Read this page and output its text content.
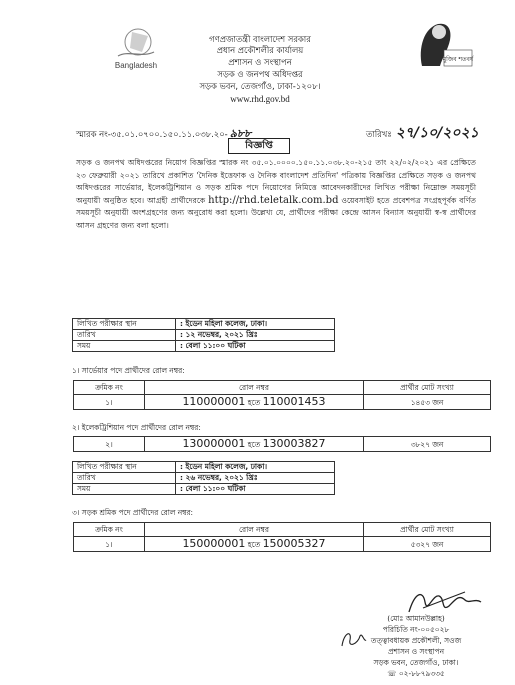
Bangladesh
গণপ্রজাতন্ত্রী বাংলাদেশ সরকার
প্রধান প্রকৌশলীর কার্যালয়
প্রশাসন ও সংস্থাপন
সড়ক ও জনপথ অধিদপ্তর
সড়ক ভবন, তেজগাঁও, ঢাকা-১২০৮।
www.rhd.gov.bd
মুজিব শতবর্ষ
স্মারক নং-৩৫.০১.০৭০০.১৫০.১১.০৩৮.২০- ৯৮৮	তারিখঃ ২৭/১০/২০২১
বিজ্ঞপ্তি
সড়ক ও জনপথ অধিদপ্তরের নিয়োগ বিজ্ঞপ্তির স্মারক নং ৩৫.০১.০০০০.১৫০.১১.০৩৮.২০-২১৫ তাং ২২/০২/২০২১ এর প্রেক্ষিতে ২৩ ফেব্রুয়ারী ২০২১ তারিখে প্রকাশিত 'দৈনিক ইত্তেফাক ও দৈনিক বাংলাদেশ প্রতিদিন' পত্রিকায় বিজ্ঞপ্তির প্রেক্ষিতে সড়ক ও জনপথ অধিদপ্তরের সার্ভেয়ার, ইলেকট্রিশিয়ান ও সড়ক শ্রমিক পদে নিয়োগের নিমিত্তে আবেদনকারীদের লিখিত পরীক্ষা নিম্নোক্ত সময়সূচী অনুযায়ী অনুষ্ঠিত হবে। আগ্রহী প্রার্থীদেরকে http://rhd.teletalk.com.bd ওয়েবসাইট হতে প্রবেশপত্র সংগ্রহপূর্বক বর্ণিত সময়সূচী অনুযায়ী অংশগ্রহণের জন্য অনুরোধ করা হলো। উল্লেখ্য যে, প্রার্থীদের পরীক্ষা কেন্দ্রে আসন বিন্যাস অনুযায়ী স্ব-স্ব প্রার্থীদের আসন গ্রহণের জন্য বলা হলো।
লিখিত পরীক্ষার স্থান	: ইডেন মহিলা কলেজ, ঢাকা।
তারিখ	: ১২ নভেম্বর, ২০২১ খ্রিঃ
সময়	: বেলা ১১:০০ ঘটিকা
১। সার্ভেয়ার পদে প্রার্থীদের রোল নম্বর:
ক্রমিক নং	রোল নম্বর	প্রার্থীর মোট সংখ্যা
১।	110000001 হতে 110001453	১৪৫৩ জন
২। ইলেকট্রিশিয়ান পদে প্রার্থীদের রোল নম্বর:
২।	130000001 হতে 130003827	৩৮২৭ জন
লিখিত পরীক্ষার স্থান	: ইডেন মহিলা কলেজ, ঢাকা।
তারিখ	: ২৬ নভেম্বর, ২০২১ খ্রিঃ
সময়	: বেলা ১১:০০ ঘটিকা
৩। সড়ক শ্রমিক পদে প্রার্থীদের রোল নম্বর:
ক্রমিক নং	রোল নম্বর	প্রার্থীর মোট সংখ্যা
১।	150000001 হতে 150005327	৫৩২৭ জন
(মোঃ আমানউল্লাহ)
পরিচিতি নং-০০৫০২৮
তত্ত্বাবধায়ক প্রকৌশলী, সওজ
প্রশাসন ও সংস্থাপন
সড়ক ভবন, তেজগাঁও, ঢাকা।
☏ ০২-৮৮৭৯৩৩৫
